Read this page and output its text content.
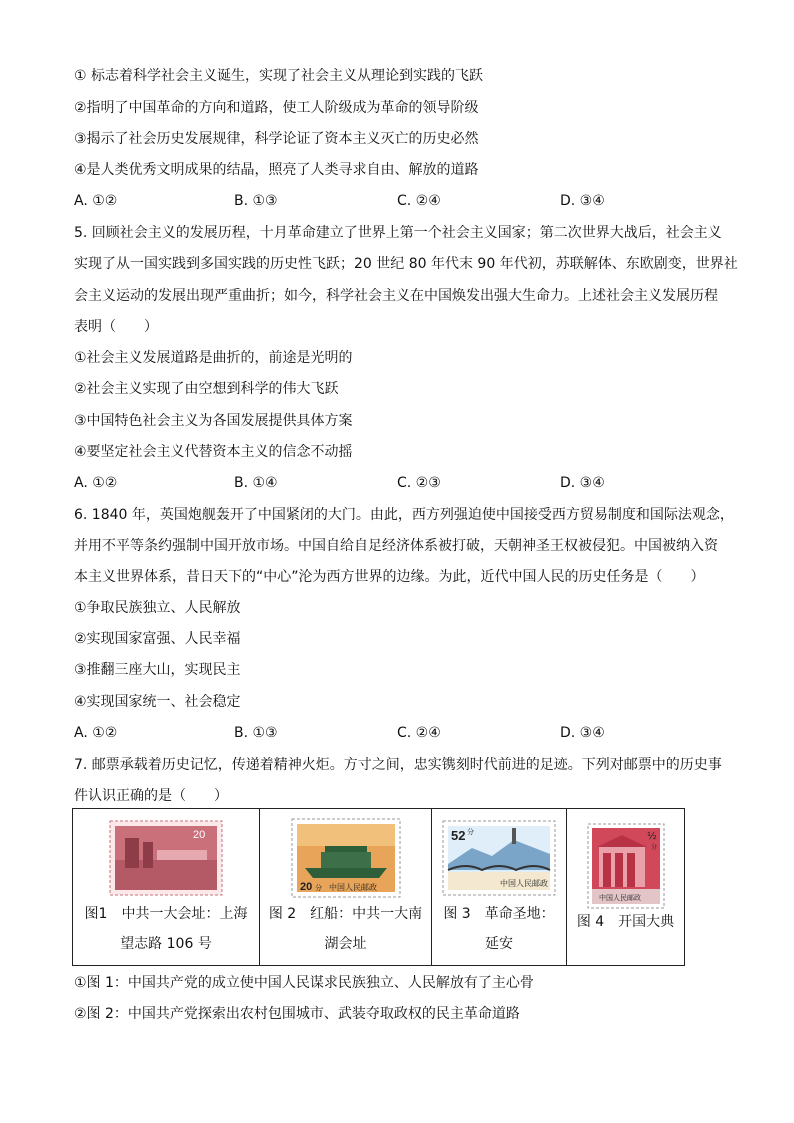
① 标志着科学社会主义诞生，实现了社会主义从理论到实践的飞跃
②指明了中国革命的方向和道路，使工人阶级成为革命的领导阶级
③揭示了社会历史发展规律，科学论证了资本主义灭亡的历史必然
④是人类优秀文明成果的结晶，照亮了人类寻求自由、解放的道路
A. ①②	B. ①③	C. ②④	D. ③④
5. 回顾社会主义的发展历程，十月革命建立了世界上第一个社会主义国家；第二次世界大战后，社会主义
实现了从一国实践到多国实践的历史性飞跃；20 世纪 80 年代末 90 年代初，苏联解体、东欧剧变，世界社
会主义运动的发展出现严重曲折；如今，科学社会主义在中国焕发出强大生命力。上述社会主义发展历程
表明（　　）
①社会主义发展道路是曲折的，前途是光明的
②社会主义实现了由空想到科学的伟大飞跃
③中国特色社会主义为各国发展提供具体方案
④要坚定社会主义代替资本主义的信念不动摇
A. ①②	B. ①④	C. ②③	D. ③④
6. 1840 年，英国炮舰轰开了中国紧闭的大门。由此，西方列强迫使中国接受西方贸易制度和国际法观念，
并用不平等条约强制中国开放市场。中国自给自足经济体系被打破，天朝神圣王权被侵犯。中国被纳入资
本主义世界体系，昔日天下的“中心”沦为西方世界的边缘。为此，近代中国人民的历史任务是（　　）
①争取民族独立、人民解放
②实现国家富强、人民幸福
③推翻三座大山，实现民主
④实现国家统一、社会稳定
A. ①②	B. ①③	C. ②④	D. ③④
7. 邮票承载着历史记忆，传递着精神火炬。方寸之间，忠实镌刻时代前进的足迹。下列对邮票中的历史事
件认识正确的是（　　）
20
图1　中共一大会址：上海
望志路 106 号

20 分 中国人民邮政
图 2　红船：中共一大南
湖会址

52 分
中国人民邮政
图 3　革命圣地：
延安

½
分
中国人民邮政
图 4　开国大典
①图 1：中国共产党的成立使中国人民谋求民族独立、人民解放有了主心骨
②图 2：中国共产党探索出农村包围城市、武装夺取政权的民主革命道路
